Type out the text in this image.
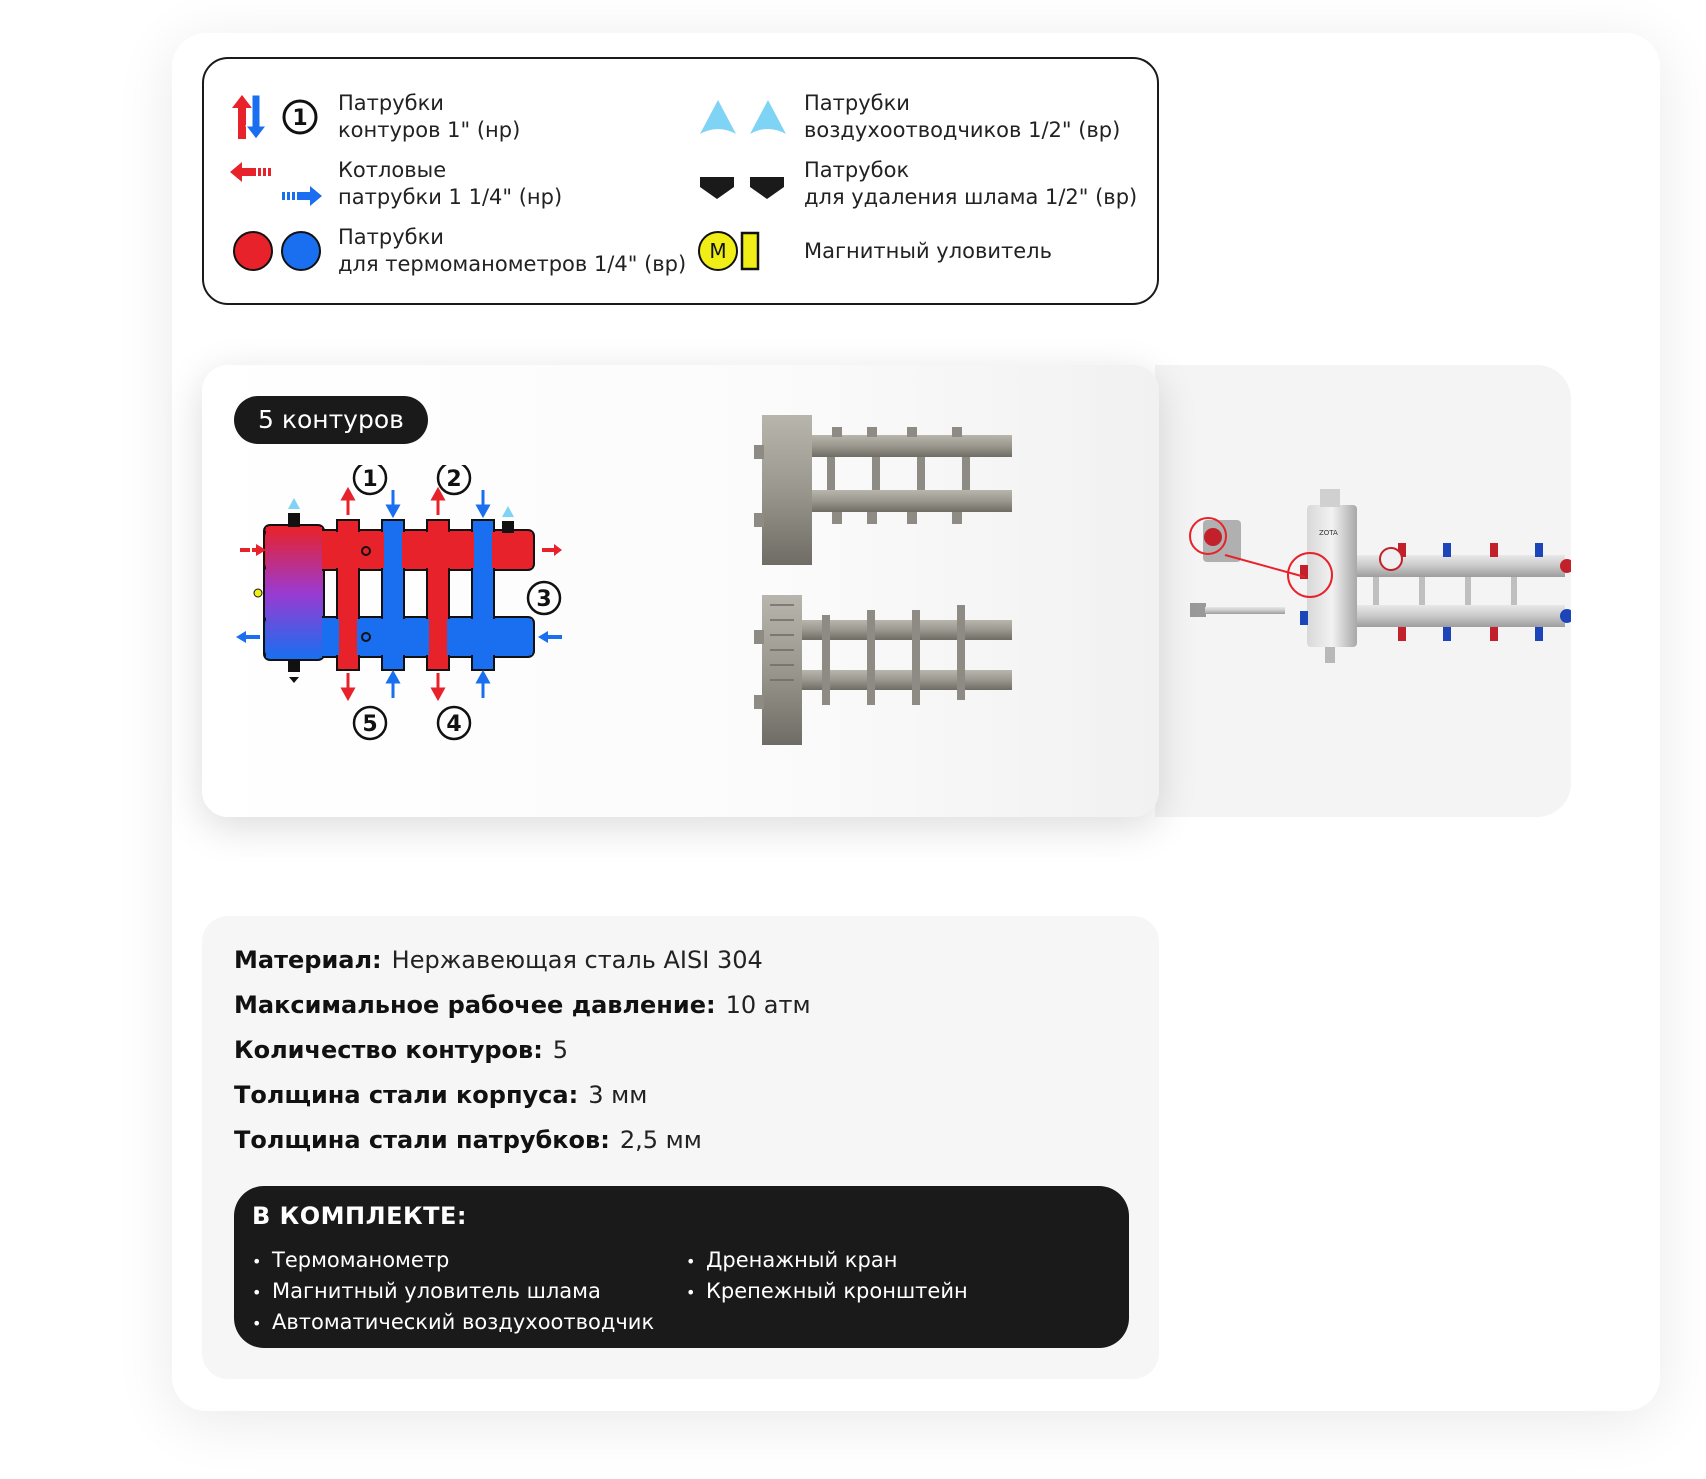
1
Патрубки
контуров 1" (нр)
Котловые
патрубки 1 1/4" (нр)
Патрубки
для термоманометров 1/4" (вр)
Патрубки
воздухоотводчиков 1/2" (вр)
Патрубок
для удаления шлама 1/2" (вр)
M	Магнитный уловитель
ZOTA
5 контуров
1	2
3
4
5
Материал: Нержавеющая сталь AISI 304
Максимальное рабочее давление: 10 атм
Количество контуров: 5
Толщина стали корпуса: 3 мм
Толщина стали патрубков: 2,5 мм
В КОМПЛЕКТЕ:
• Термоманометр
• Магнитный уловитель шлама
• Автоматический воздухоотводчик
• Дренажный кран
• Крепежный кронштейн
